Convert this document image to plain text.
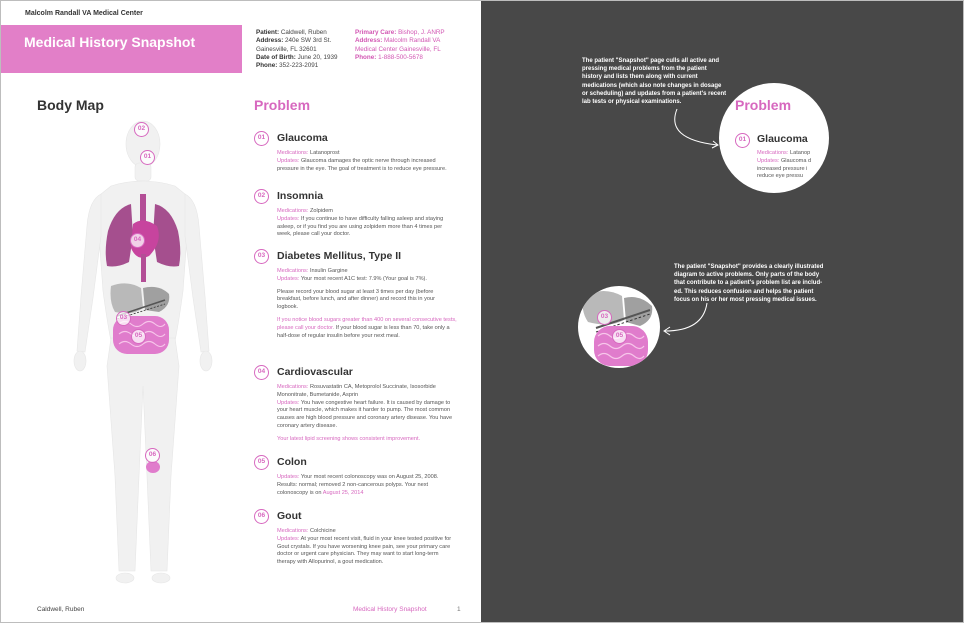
Malcolm Randall VA Medical Center
Medical History Snapshot
Patient: Caldwell, Ruben
Address: 240e SW 3rd St.
Gainesville, FL 32601
Date of Birth: June 20, 1939
Phone: 352-223-2091
Primary Care: Bishop, J. ANRP
Address: Malcolm Randall VA
Medical Center Gainesville, FL
Phone: 1-888-500-5678
Body Map	Problem
02
01
04
03
05
06
01	Glaucoma

Medications: Latanoprost
Updates: Glaucoma damages the optic nerve through increased pressure in the eye. The goal of treatment is to reduce eye pressure.

02	Insomnia

Medications: Zolpidem
Updates: If you continue to have difficulty falling asleep and staying asleep, or if you find you are using zolpidem more than 4 times per week, please call your doctor.

03	Diabetes Mellitus, Type II

Medications: Insulin Gargine
Updates: Your most recent A1C test: 7.9% (Your goal is 7%).

Please record your blood sugar at least 3 times per day (before breakfast, before lunch, and after dinner) and record this in your logbook.

If you notice blood sugars greater than 400 on several consecutive tests, please call your doctor. If your blood sugar is less than 70, take only a half-dose of regular insulin before your next meal.

04	Cardiovascular

Medications: Rosuvastatin CA, Metoprolol Succinate, Isosorbide Mononitrate, Bumetanide, Asprin
Updates: You have congestive heart failure. It is caused by damage to your heart muscle, which makes it harder to pump. The most common causes are high blood pressure and coronary artery disease. You have coronary artery disease.

Your latest lipid screening shows consistent improvement.

05	Colon

Updates: Your most recent colonoscopy was on August 25, 2008. Results: normal; removed 2 non-cancerous polyps. Your next colonoscopy is on August 25, 2014

06	Gout

Medications: Colchicine
Updates: At your most recent visit, fluid in your knee tested positive for Gout crystals. If you have worsening knee pain, see your primary care doctor or urgent care physician. They may want to start long-term therapy with Allopurinol, a gout medication.

Caldwell, Ruben	Medical History Snapshot	1
The patient "Snapshot" page culls all active and pressing medical problems from the patient history and lists them along with current medications (which also note changes in dosage or scheduling) and updates from a patient's recent lab tests or physical examinations.	Problem
01	Glaucoma
Medications: Latanop
Updates: Glaucoma d
increased pressure i
reduce eye pressu
The patient "Snapshot" provides a clearly illustrated diagram to active problems. Only parts of the body that contribute to a patient's problem list are includ- ed. This reduces confusion and helps the patient focus on his or her most pressing medical issues.
03
05
